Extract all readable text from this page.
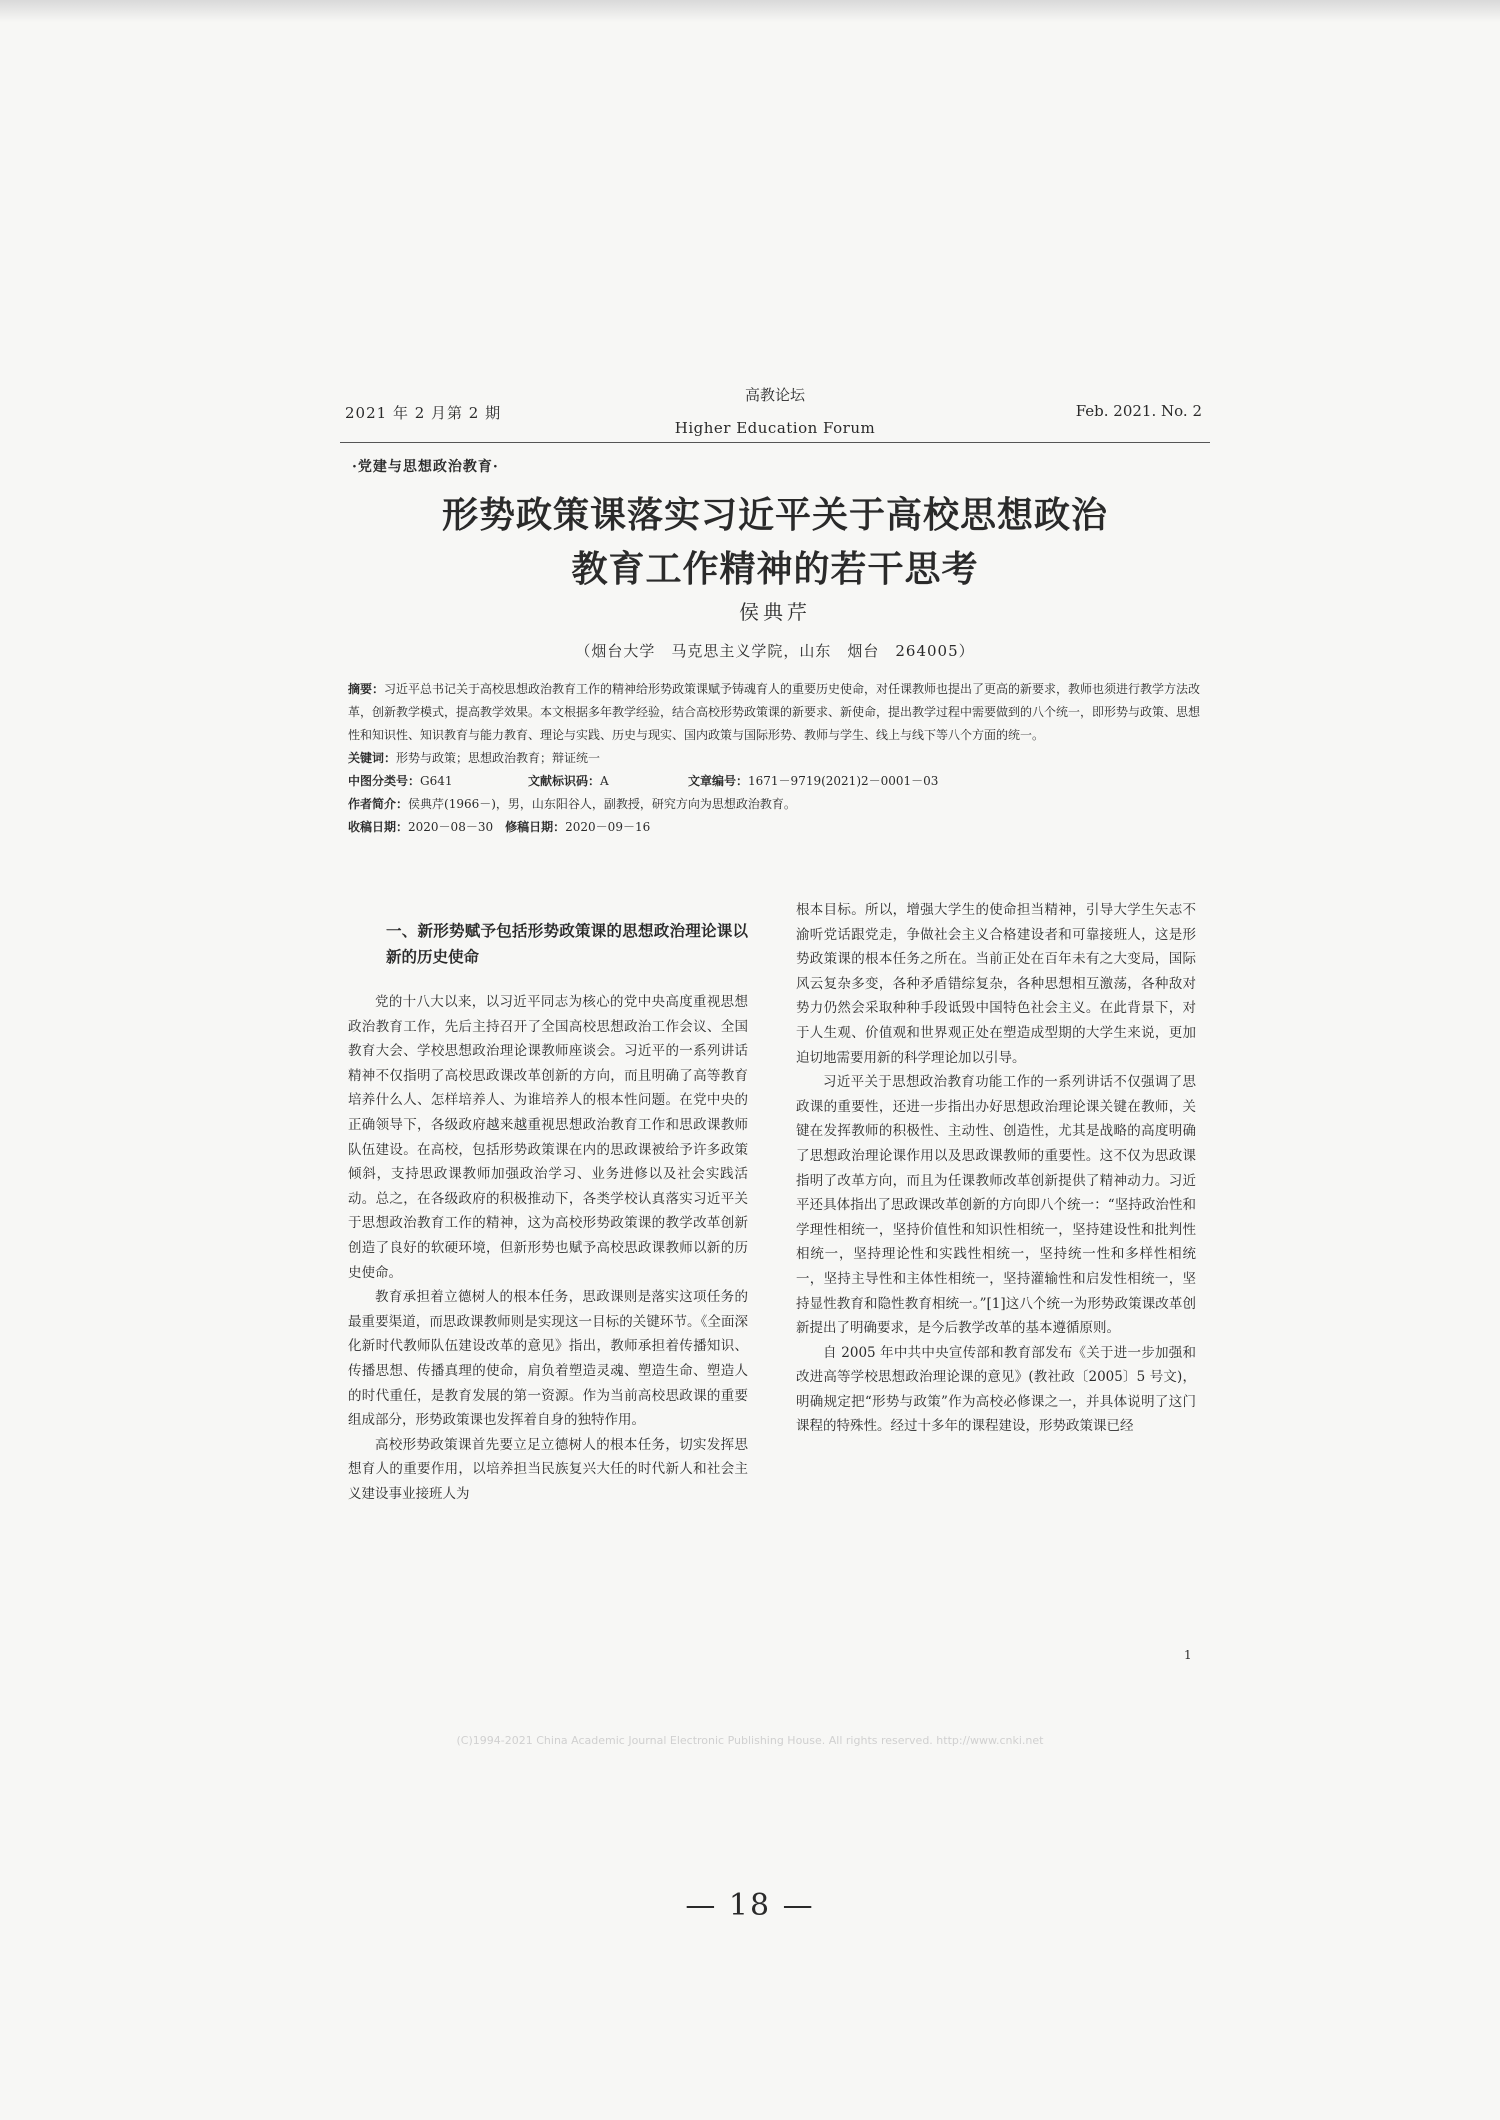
2021 年 2 月第 2 期
高教论坛
Higher Education Forum
Feb. 2021. No. 2
·党建与思想政治教育·
形势政策课落实习近平关于高校思想政治
教育工作精神的若干思考
侯典芹
（烟台大学　马克思主义学院，山东　烟台　264005）

摘要：习近平总书记关于高校思想政治教育工作的精神给形势政策课赋予铸魂育人的重要历史使命，对任课教师也提出了更高的新要求，教师也须进行教学方法改革，创新教学模式，提高教学效果。本文根据多年教学经验，结合高校形势政策课的新要求、新使命，提出教学过程中需要做到的八个统一，即形势与政策、思想性和知识性、知识教育与能力教育、理论与实践、历史与现实、国内政策与国际形势、教师与学生、线上与线下等八个方面的统一。

关键词：形势与政策；思想政治教育；辩证统一

中图分类号：G641	文献标识码：A	文章编号：1671－9719(2021)2－0001－03

作者简介：侯典芹(1966－)，男，山东阳谷人，副教授，研究方向为思想政治教育。

收稿日期：2020－08－30　 修稿日期：2020－09－16

一、新形势赋予包括形势政策课的思想政治理论课以新的历史使命

党的十八大以来，以习近平同志为核心的党中央高度重视思想政治教育工作，先后主持召开了全国高校思想政治工作会议、全国教育大会、学校思想政治理论课教师座谈会。习近平的一系列讲话精神不仅指明了高校思政课改革创新的方向，而且明确了高等教育培养什么人、怎样培养人、为谁培养人的根本性问题。在党中央的正确领导下，各级政府越来越重视思想政治教育工作和思政课教师队伍建设。在高校，包括形势政策课在内的思政课被给予许多政策倾斜，支持思政课教师加强政治学习、业务进修以及社会实践活动。总之，在各级政府的积极推动下，各类学校认真落实习近平关于思想政治教育工作的精神，这为高校形势政策课的教学改革创新创造了良好的软硬环境，但新形势也赋予高校思政课教师以新的历史使命。

教育承担着立德树人的根本任务，思政课则是落实这项任务的最重要渠道，而思政课教师则是实现这一目标的关键环节。《全面深化新时代教师队伍建设改革的意见》指出，教师承担着传播知识、传播思想、传播真理的使命，肩负着塑造灵魂、塑造生命、塑造人的时代重任，是教育发展的第一资源。作为当前高校思政课的重要组成部分，形势政策课也发挥着自身的独特作用。

高校形势政策课首先要立足立德树人的根本任务，切实发挥思想育人的重要作用，以培养担当民族复兴大任的时代新人和社会主义建设事业接班人为

根本目标。所以，增强大学生的使命担当精神，引导大学生矢志不渝听党话跟党走，争做社会主义合格建设者和可靠接班人，这是形势政策课的根本任务之所在。当前正处在百年未有之大变局，国际风云复杂多变，各种矛盾错综复杂，各种思想相互激荡，各种敌对势力仍然会采取种种手段诋毁中国特色社会主义。在此背景下，对于人生观、价值观和世界观正处在塑造成型期的大学生来说，更加迫切地需要用新的科学理论加以引导。

习近平关于思想政治教育功能工作的一系列讲话不仅强调了思政课的重要性，还进一步指出办好思想政治理论课关键在教师，关键在发挥教师的积极性、主动性、创造性，尤其是战略的高度明确了思想政治理论课作用以及思政课教师的重要性。这不仅为思政课指明了改革方向，而且为任课教师改革创新提供了精神动力。习近平还具体指出了思政课改革创新的方向即八个统一：“坚持政治性和学理性相统一，坚持价值性和知识性相统一，坚持建设性和批判性相统一，坚持理论性和实践性相统一，坚持统一性和多样性相统一，坚持主导性和主体性相统一，坚持灌输性和启发性相统一，坚持显性教育和隐性教育相统一。”[1]这八个统一为形势政策课改革创新提出了明确要求，是今后教学改革的基本遵循原则。

自 2005 年中共中央宣传部和教育部发布《关于进一步加强和改进高等学校思想政治理论课的意见》(教社政〔2005〕5 号文)，明确规定把“形势与政策”作为高校必修课之一，并具体说明了这门课程的特殊性。经过十多年的课程建设，形势政策课已经

1
(C)1994-2021 China Academic Journal Electronic Publishing House. All rights reserved. http://www.cnki.net
— 18 —
